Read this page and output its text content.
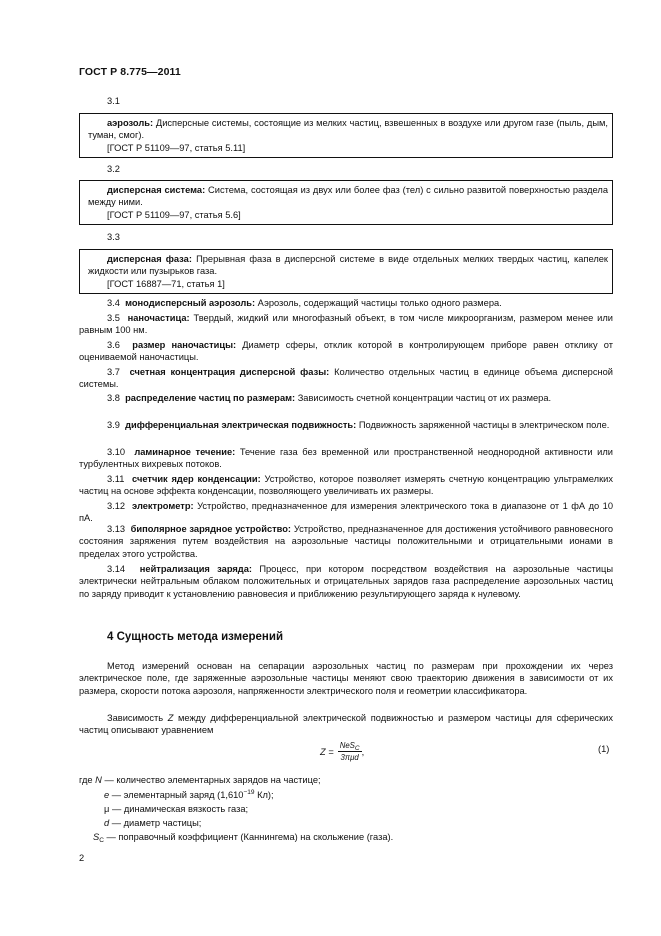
ГОСТ Р 8.775—2011
3.1
аэрозоль: Дисперсные системы, состоящие из мелких частиц, взвешенных в воздухе или другом газе (пыль, дым, туман, смог).
[ГОСТ Р 51109—97, статья 5.11]
3.2
дисперсная система: Система, состоящая из двух или более фаз (тел) с сильно развитой поверхностью раздела между ними.
[ГОСТ Р 51109—97, статья 5.6]
3.3
дисперсная фаза: Прерывная фаза в дисперсной системе в виде отдельных мелких твердых частиц, капелек жидкости или пузырьков газа.
[ГОСТ 16887—71, статья 1]
3.4 монодисперсный аэрозоль: Аэрозоль, содержащий частицы только одного размера.
3.5 наночастица: Твердый, жидкий или многофазный объект, в том числе микроорганизм, размером менее или равным 100 нм.
3.6 размер наночастицы: Диаметр сферы, отклик которой в контролирующем приборе равен отклику от оцениваемой наночастицы.
3.7 счетная концентрация дисперсной фазы: Количество отдельных частиц в единице объема дисперсной системы.
3.8 распределение частиц по размерам: Зависимость счетной концентрации частиц от их размера.
3.9 дифференциальная электрическая подвижность: Подвижность заряженной частицы в электрическом поле.
3.10 ламинарное течение: Течение газа без временной или пространственной неоднородной активности или турбулентных вихревых потоков.
3.11 счетчик ядер конденсации: Устройство, которое позволяет измерять счетную концентрацию ультрамелких частиц на основе эффекта конденсации, позволяющего увеличивать их размеры.
3.12 электрометр: Устройство, предназначенное для измерения электрического тока в диапазоне от 1 фА до 10 пА.
3.13 биполярное зарядное устройство: Устройство, предназначенное для достижения устойчивого равновесного состояния заряжения путем воздействия на аэрозольные частицы положительными и отрицательными ионами в пределах этого устройства.
3.14 нейтрализация заряда: Процесс, при котором посредством воздействия на аэрозольные частицы электрически нейтральным облаком положительных и отрицательных зарядов газа распределение аэрозольных частиц по заряду приводит к установлению равновесия и приближению результирующего заряда к нулевому.
4 Сущность метода измерений
Метод измерений основан на сепарации аэрозольных частиц по размерам при прохождении их через электрическое поле, где заряженные аэрозольные частицы меняют свою траекторию движения в зависимости от их размера, скорости потока аэрозоля, напряженности электрического поля и геометрии классификатора.
Зависимость Z между дифференциальной электрической подвижностью и размером частицы для сферических частиц описывают уравнением
$Z = \frac{NeS_C}{\text{3πμd}}$ ,	(1)
где N — количество элементарных зарядов на частице;
e — элементарный заряд ($1,610^{-19}$ Кл);
μ — динамическая вязкость газа;
d — диаметр частицы;
$S_C$ — поправочный коэффициент (Каннингема) на скольжение (газа).
2
